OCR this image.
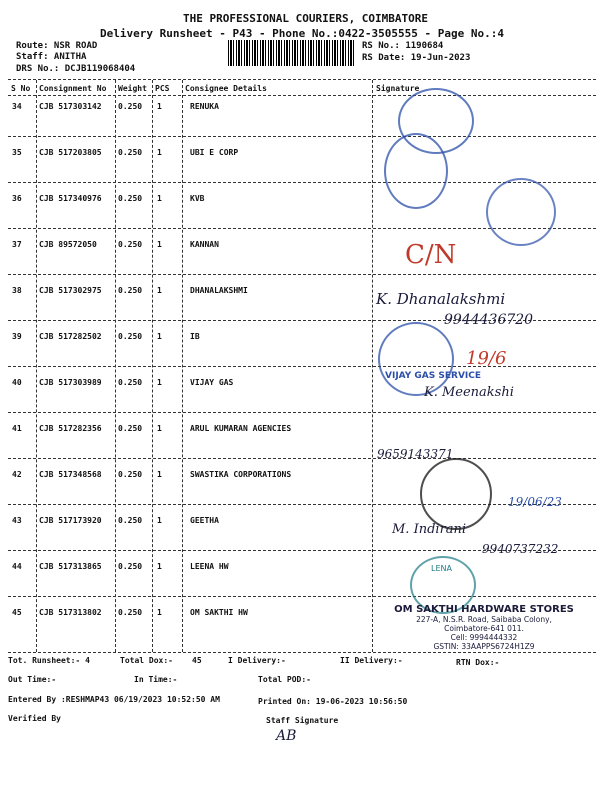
THE PROFESSIONAL COURIERS, COIMBATORE
Delivery Runsheet - P43 - Phone No.:0422-3505555 - Page No.:4
Route: NSR ROAD
Staff: ANITHA
DRS No.: DCJB119068404
RS No.: 1190684
RS Date: 19-Jun-2023
S No Consignment No Weight PCS Consignee Details	Signature
34 CJB 517303142 0.250 1	RENUKA
35 CJB 517203805 0.250 1	UBI E CORP
36 CJB 517340976 0.250 1	KVB
37 CJB 89572050	0.250 1	KANNAN
38 CJB 517302975 0.250 1	DHANALAKSHMI
39 CJB 517282502 0.250 1	IB
40 CJB 517303989 0.250 1	VIJAY GAS
41 CJB 517282356 0.250 1	ARUL KUMARAN AGENCIES
42 CJB 517348568 0.250 1	SWASTIKA CORPORATIONS
43 CJB 517173920 0.250 1	GEETHA
44 CJB 517313865 0.250 1	LEENA HW
45 CJB 517313802 0.250 1	OM SAKTHI HW
C/N
K. Dhanalakshmi
9944436720
19/6
VIJAY GAS SERVICE
K. Meenakshi
9659143371
19/06/23
M. Indirani
9940737232
LENA
OM SAKTHI HARDWARE STORES
227-A, N.S.R. Road, Saibaba Colony,
Coimbatore-641 011.
Cell: 9994444332
GSTIN: 33AAPPS6724H1Z9
Tot. Runsheet:- 4	Total Dox:- 45	I Delivery:-	II Delivery:-	RTN Dox:-
Out Time:-	In Time:-	Total POD:-
Entered By :RESHMAP43 06/19/2023 10:52:50 AM	Printed On: 19-06-2023 10:56:50
Verified By	Staff Signature
AB
